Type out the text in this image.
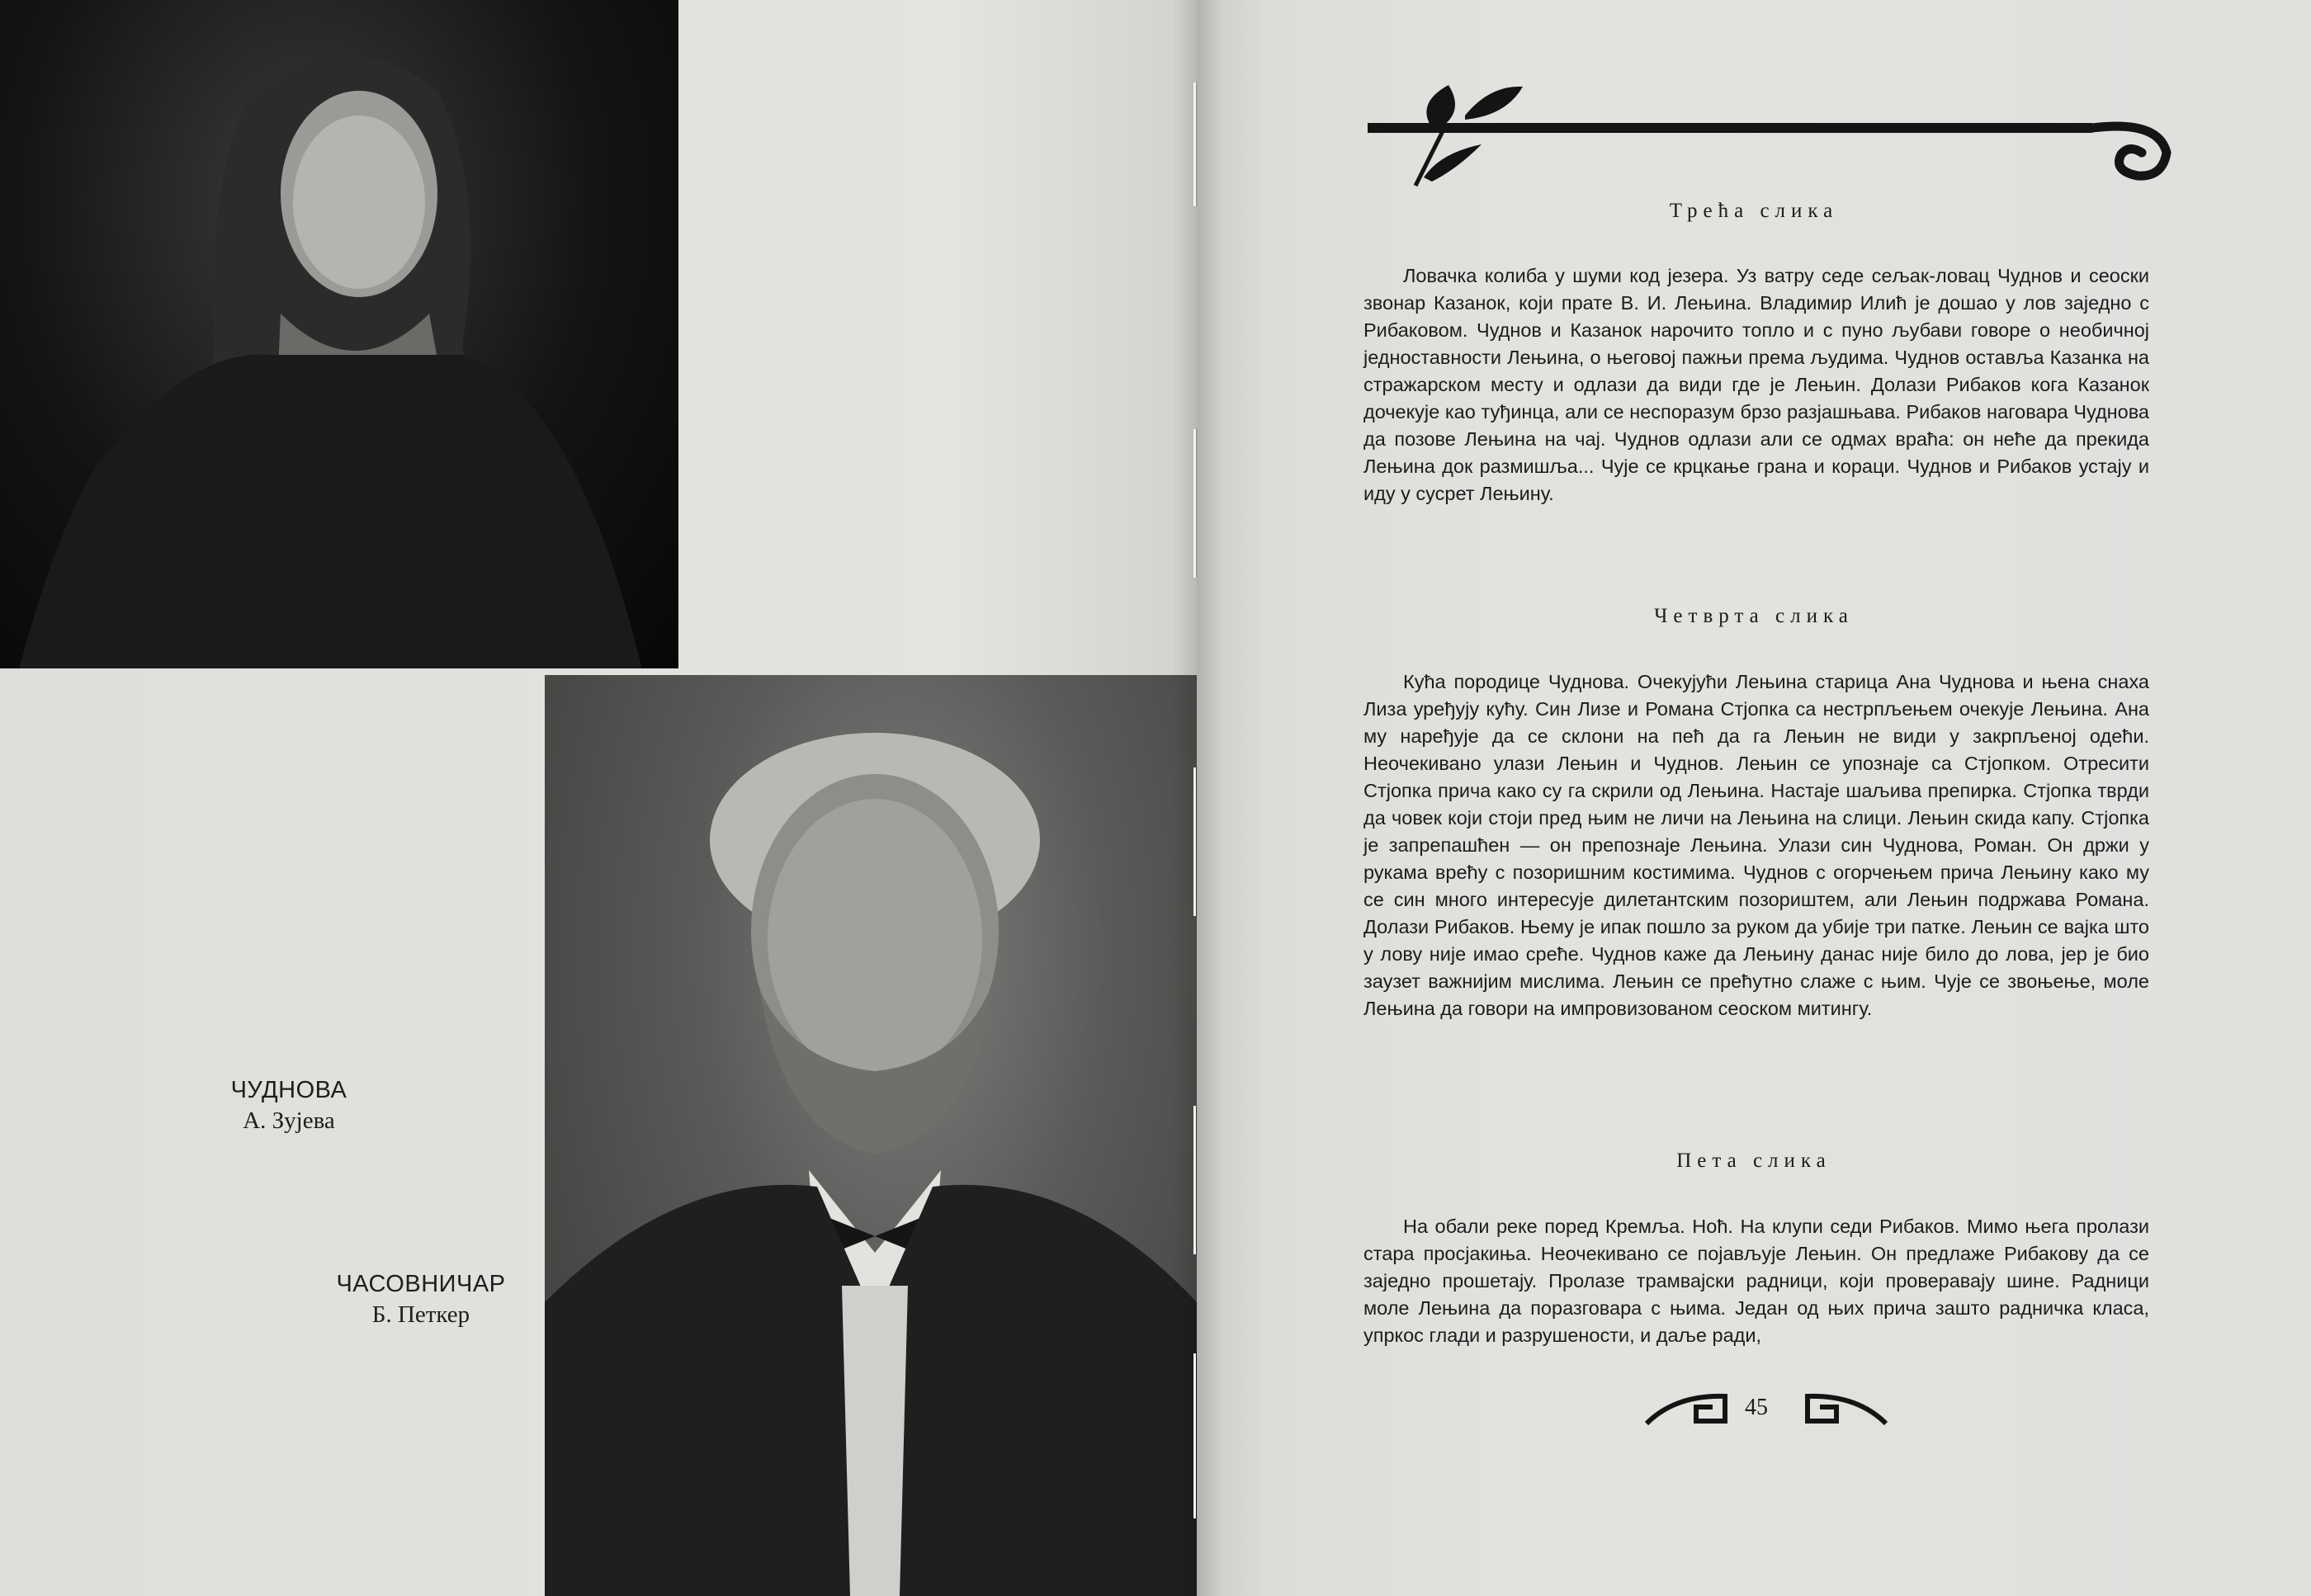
ЧУДНОВА
А. Зујева
ЧАСОВНИЧАР
Б. Петкер
Трећа слика
Ловачка колиба у шуми код језера. Уз ватру седе сељак-ловац Чуднов и сеоски звонар Казанок, који прате В. И. Лењина. Владимир Илић је дошао у лов заједно с Рибаковом. Чуднов и Казанок нарочито топло и с пуно љубави говоре о необичној једноставности Лењина, о његовој пажњи према људима. Чуднов оставља Казанка на стражарском месту и одлази да види где је Лењин. Долази Рибаков кога Казанок дочекује као туђинца, али се неспоразум брзо разјашњава. Рибаков наговара Чуднова да позове Лењина на чај. Чуднов одлази али се одмах враћа: он неће да прекида Лењина док размишља... Чује се крцкање грана и кораци. Чуднов и Рибаков устају и иду у сусрет Лењину.
Четврта слика
Кућа породице Чуднова. Очекујући Лењина старица Ана Чуднова и њена снаха Лиза уређују кућу. Син Лизе и Романа Стјопка са нестрпљењем очекује Лењина. Ана му наређује да се склони на пећ да га Лењин не види у закрпљеној одећи. Неочекивано улази Лењин и Чуднов. Лењин се упознаје са Стјопком. Отресити Стјопка прича како су га скрили од Лењина. Настаје шаљива препирка. Стјопка тврди да човек који стоји пред њим не личи на Лењина на слици. Лењин скида капу. Стјопка је запрепашћен — он препознаје Лењина. Улази син Чуднова, Роман. Он држи у рукама врећу с позоришним костимима. Чуднов с огорчењем прича Лењину како му се син много интересује дилетантским позориштем, али Лењин подржава Романа. Долази Рибаков. Њему је ипак пошло за руком да убије три патке. Лењин се вајка што у лову није имао среће. Чуднов каже да Лењину данас није било до лова, јер је био заузет важнијим мислима. Лењин се прећутно слаже с њим. Чује се звоњење, моле Лењина да говори на импровизованом сеоском митингу.
Пета слика
На обали реке поред Кремља. Ноћ. На клупи седи Рибаков. Мимо њега пролази стара просјакиња. Неочекивано се појављује Лењин. Он предлаже Рибакову да се заједно прошетају. Пролазе трамвајски радници, који проверавају шине. Радници моле Лењина да поразговара с њима. Један од њих прича зашто радничка класа, упркос глади и разрушености, и даље ради,
45
